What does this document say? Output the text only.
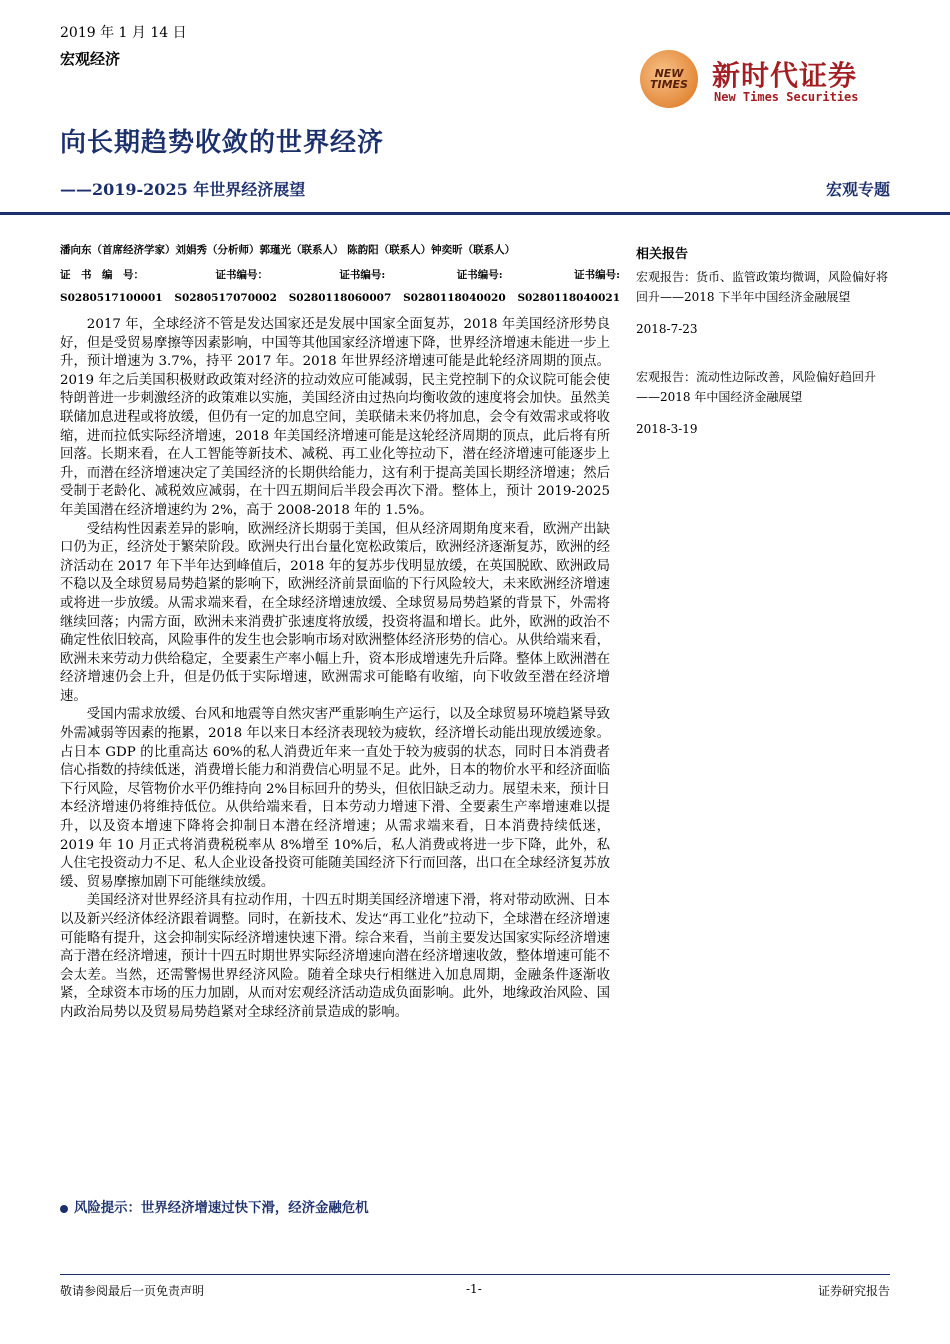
2019 年 1 月 14 日
宏观经济
NEW
TIMES 新时代证券
New Times Securities
向长期趋势收敛的世界经济
——2019-2025 年世界经济展望	宏观专题
潘向东（首席经济学家）刘娟秀（分析师）郭瑾光（联系人） 陈韵阳（联系人）钟奕昕（联系人）
证　书　编　号：	证书编号：	证书编号:	证书编号:	证书编号:
S0280517100001 S0280517070002 S0280118060007 S0280118040020 S0280118040021

2017 年，全球经济不管是发达国家还是发展中国家全面复苏，2018 年美国经济形势良好，但是受贸易摩擦等因素影响，中国等其他国家经济增速下降，世界经济增速未能进一步上升，预计增速为 3.7%，持平 2017 年。2018 年世界经济增速可能是此轮经济周期的顶点。2019 年之后美国积极财政政策对经济的拉动效应可能减弱，民主党控制下的众议院可能会使特朗普进一步刺激经济的政策难以实施，美国经济由过热向均衡收敛的速度将会加快。虽然美联储加息进程或将放缓，但仍有一定的加息空间，美联储未来仍将加息，会令有效需求或将收缩，进而拉低实际经济增速，2018 年美国经济增速可能是这轮经济周期的顶点，此后将有所回落。长期来看，在人工智能等新技术、减税、再工业化等拉动下，潜在经济增速可能逐步上升，而潜在经济增速决定了美国经济的长期供给能力，这有利于提高美国长期经济增速；然后受制于老龄化、减税效应减弱，在十四五期间后半段会再次下滑。整体上，预计 2019-2025 年美国潜在经济增速约为 2%，高于 2008-2018 年的 1.5%。

受结构性因素差异的影响，欧洲经济长期弱于美国，但从经济周期角度来看，欧洲产出缺口仍为正，经济处于繁荣阶段。欧洲央行出台量化宽松政策后，欧洲经济逐渐复苏，欧洲的经济活动在 2017 年下半年达到峰值后，2018 年的复苏步伐明显放缓，在英国脱欧、欧洲政局不稳以及全球贸易局势趋紧的影响下，欧洲经济前景面临的下行风险较大，未来欧洲经济增速或将进一步放缓。从需求端来看，在全球经济增速放缓、全球贸易局势趋紧的背景下，外需将继续回落；内需方面，欧洲未来消费扩张速度将放缓，投资将温和增长。此外，欧洲的政治不确定性依旧较高，风险事件的发生也会影响市场对欧洲整体经济形势的信心。从供给端来看，欧洲未来劳动力供给稳定，全要素生产率小幅上升，资本形成增速先升后降。整体上欧洲潜在经济增速仍会上升，但是仍低于实际增速，欧洲需求可能略有收缩，向下收敛至潜在经济增速。

受国内需求放缓、台风和地震等自然灾害严重影响生产运行，以及全球贸易环境趋紧导致外需减弱等因素的拖累，2018 年以来日本经济表现较为疲软，经济增长动能出现放缓迹象。占日本 GDP 的比重高达 60%的私人消费近年来一直处于较为疲弱的状态，同时日本消费者信心指数的持续低迷，消费增长能力和消费信心明显不足。此外，日本的物价水平和经济面临下行风险，尽管物价水平仍维持向 2%目标回升的势头，但依旧缺乏动力。展望未来，预计日本经济增速仍将维持低位。从供给端来看，日本劳动力增速下滑、全要素生产率增速难以提升，以及资本增速下降将会抑制日本潜在经济增速；从需求端来看，日本消费持续低迷，2019 年 10 月正式将消费税税率从 8%增至 10%后，私人消费或将进一步下降，此外，私人住宅投资动力不足、私人企业设备投资可能随美国经济下行而回落，出口在全球经济复苏放缓、贸易摩擦加剧下可能继续放缓。

美国经济对世界经济具有拉动作用，十四五时期美国经济增速下滑，将对带动欧洲、日本以及新兴经济体经济跟着调整。同时，在新技术、发达“再工业化”拉动下，全球潜在经济增速可能略有提升，这会抑制实际经济增速快速下滑。综合来看，当前主要发达国家实际经济增速高于潜在经济增速，预计十四五时期世界实际经济增速向潜在经济增速收敛，整体增速可能不会太差。当然，还需警惕世界经济风险。随着全球央行相继进入加息周期，金融条件逐渐收紧，全球资本市场的压力加剧，从而对宏观经济活动造成负面影响。此外，地缘政治风险、国内政治局势以及贸易局势趋紧对全球经济前景造成的影响。

风险提示：世界经济增速过快下滑，经济金融危机
相关报告

宏观报告：货币、监管政策均微调，风险偏好将回升——2018 下半年中国经济金融展望

2018-7-23

宏观报告：流动性边际改善，风险偏好趋回升——2018 年中国经济金融展望

2018-3-19

敬请参阅最后一页免责声明	-1-	证券研究报告
